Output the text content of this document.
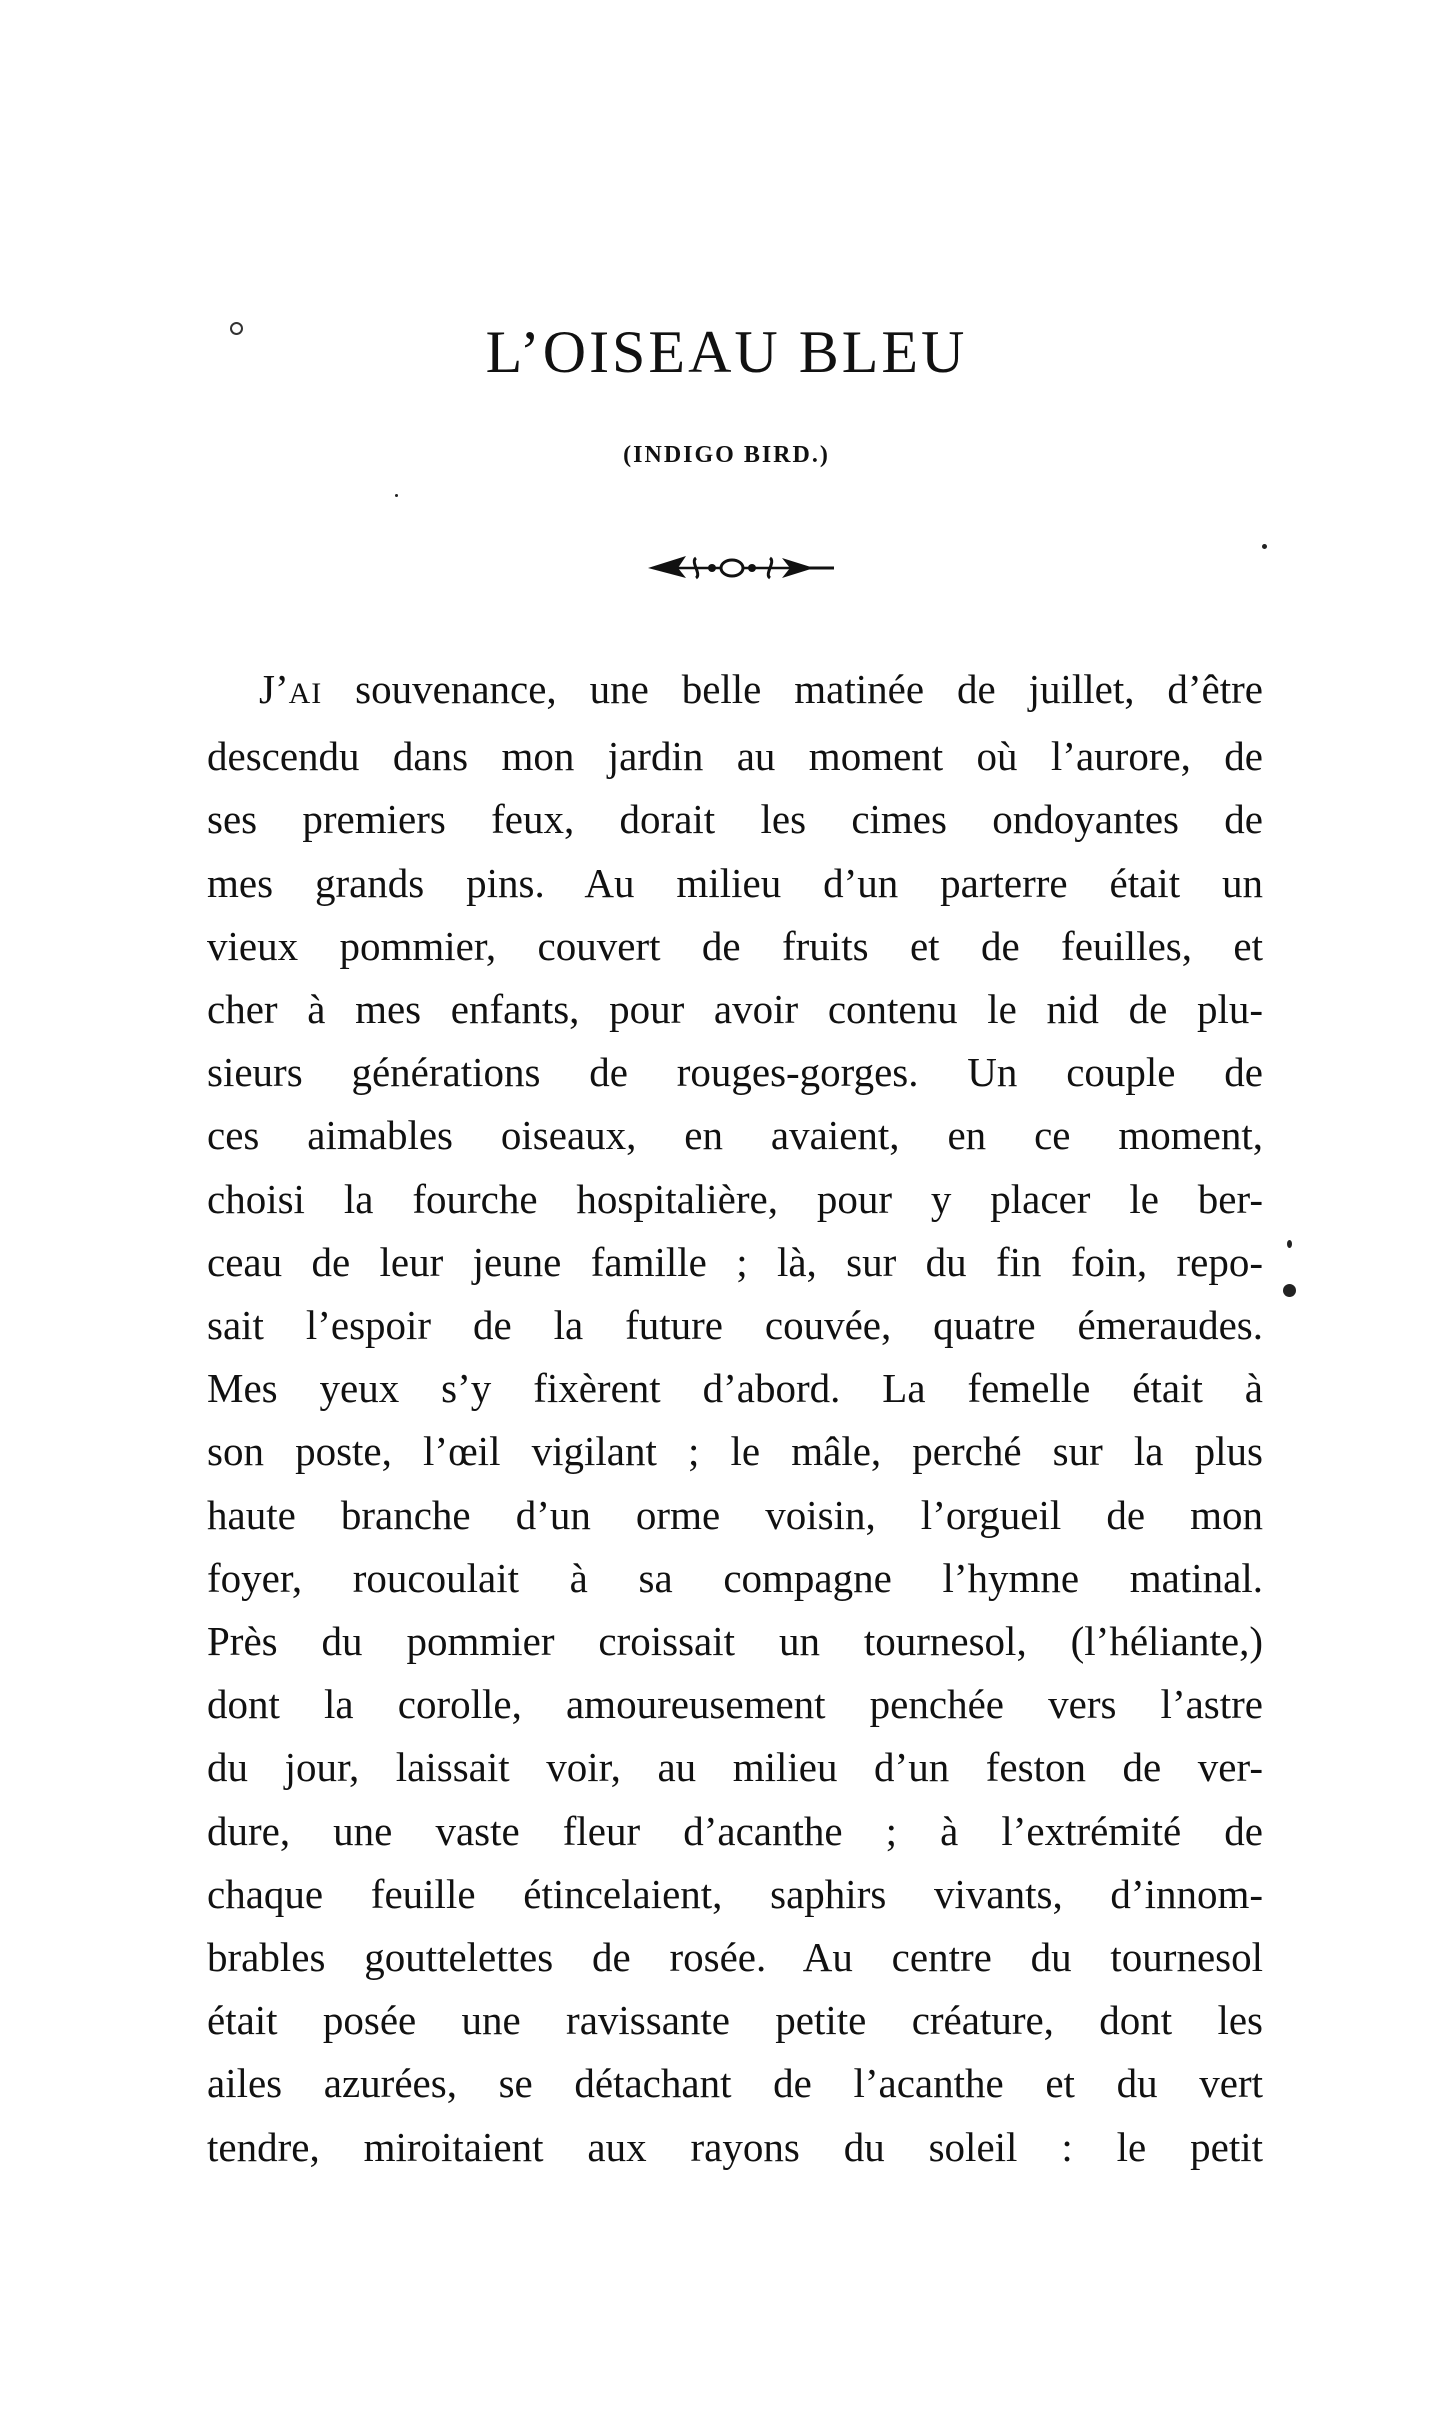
L’OISEAU BLEU
(INDIGO BIRD.)
J’AI souvenance, une belle matinée de juillet, d’être
descendu dans mon jardin au moment où l’aurore, de
ses premiers feux, dorait les cimes ondoyantes de
mes grands pins. Au milieu d’un parterre était un
vieux pommier, couvert de fruits et de feuilles, et
cher à mes enfants, pour avoir contenu le nid de plu-
sieurs générations de rouges-gorges. Un couple de
ces aimables oiseaux, en avaient, en ce moment,
choisi la fourche hospitalière, pour y placer le ber-
ceau de leur jeune famille ; là, sur du fin foin, repo-
sait l’espoir de la future couvée, quatre émeraudes.
Mes yeux s’y fixèrent d’abord. La femelle était à
son poste, l’œil vigilant ; le mâle, perché sur la plus
haute branche d’un orme voisin, l’orgueil de mon
foyer, roucoulait à sa compagne l’hymne matinal.
Près du pommier croissait un tournesol, (l’héliante,)
dont la corolle, amoureusement penchée vers l’astre
du jour, laissait voir, au milieu d’un feston de ver-
dure, une vaste fleur d’acanthe ; à l’extrémité de
chaque feuille étincelaient, saphirs vivants, d’innom-
brables gouttelettes de rosée. Au centre du tournesol
était posée une ravissante petite créature, dont les
ailes azurées, se détachant de l’acanthe et du vert
tendre, miroitaient aux rayons du soleil : le petit
